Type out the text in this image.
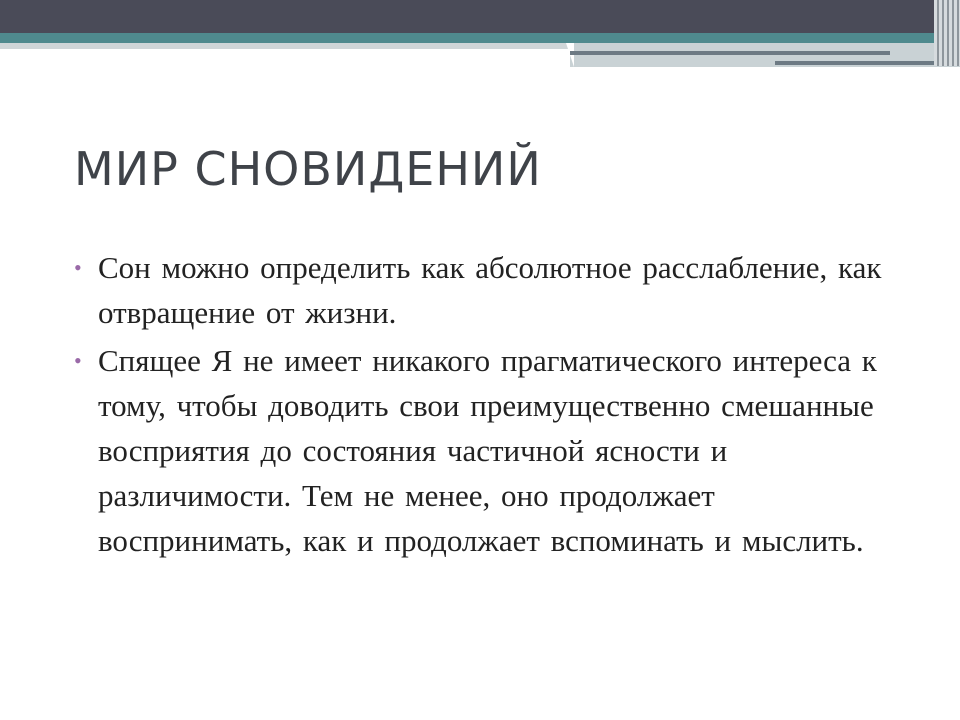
МИР СНОВИДЕНИЙ
• Сон можно определить как абсолютное расслабление, как отвращение от жизни.
• Спящее Я не имеет никакого прагматического интереса к тому, чтобы доводить свои преимущественно смешанные восприятия до состояния частичной ясности и различимости. Тем не менее, оно продолжает воспринимать, как и продолжает вспоминать и мыслить.
